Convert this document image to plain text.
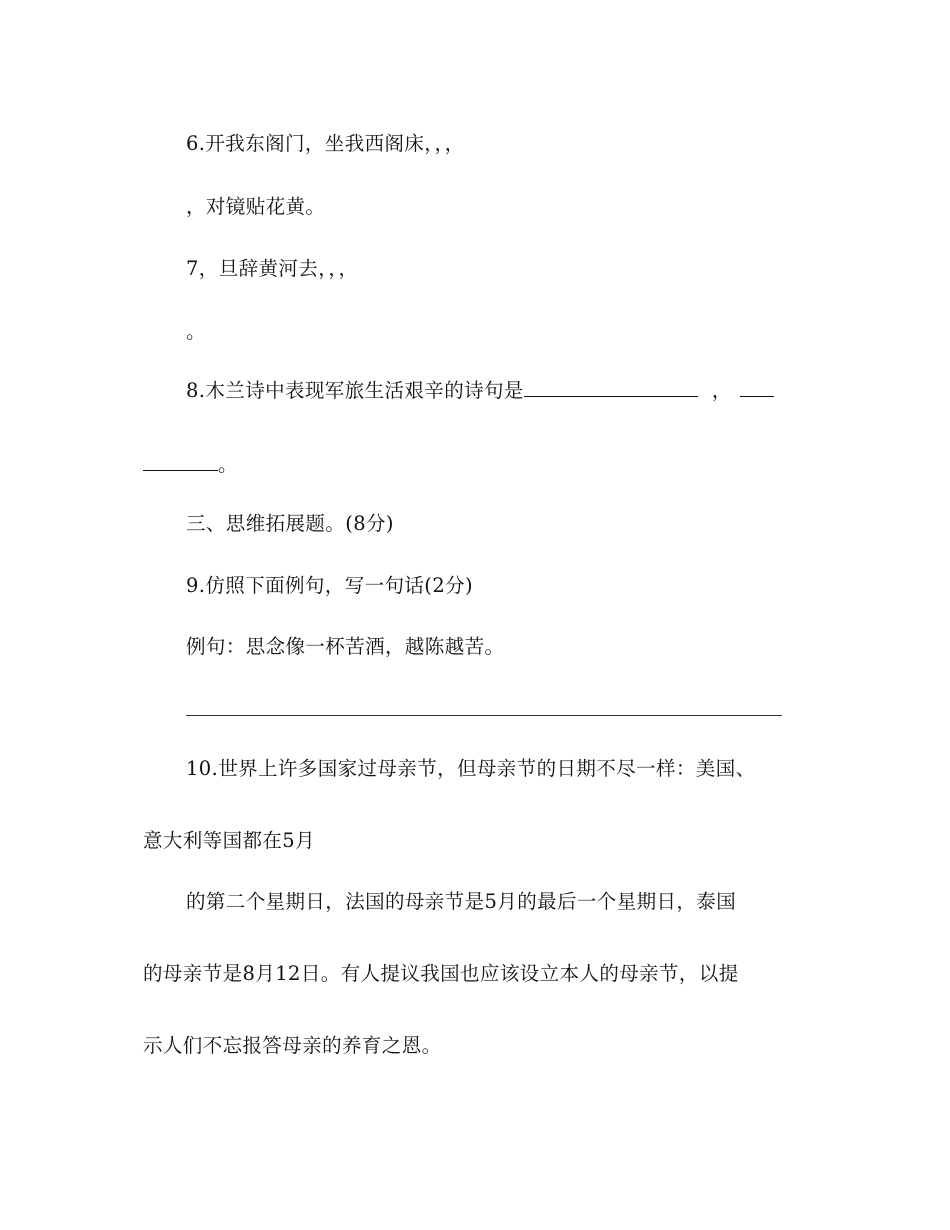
6.开我东阁门，坐我西阁床，，，
，对镜贴花黄。
7，旦辞黄河去，，，
。
8.木兰诗中表现军旅生活艰辛的诗句是	，
。
三、思维拓展题。(8分)
9.仿照下面例句，写一句话(2分)
例句：思念像一杯苦酒，越陈越苦。
10.世界上许多国家过母亲节，但母亲节的日期不尽一样：美国、
意大利等国都在5月
的第二个星期日，法国的母亲节是5月的最后一个星期日，泰国
的母亲节是8月12日。有人提议我国也应该设立本人的母亲节，以提
示人们不忘报答母亲的养育之恩。
